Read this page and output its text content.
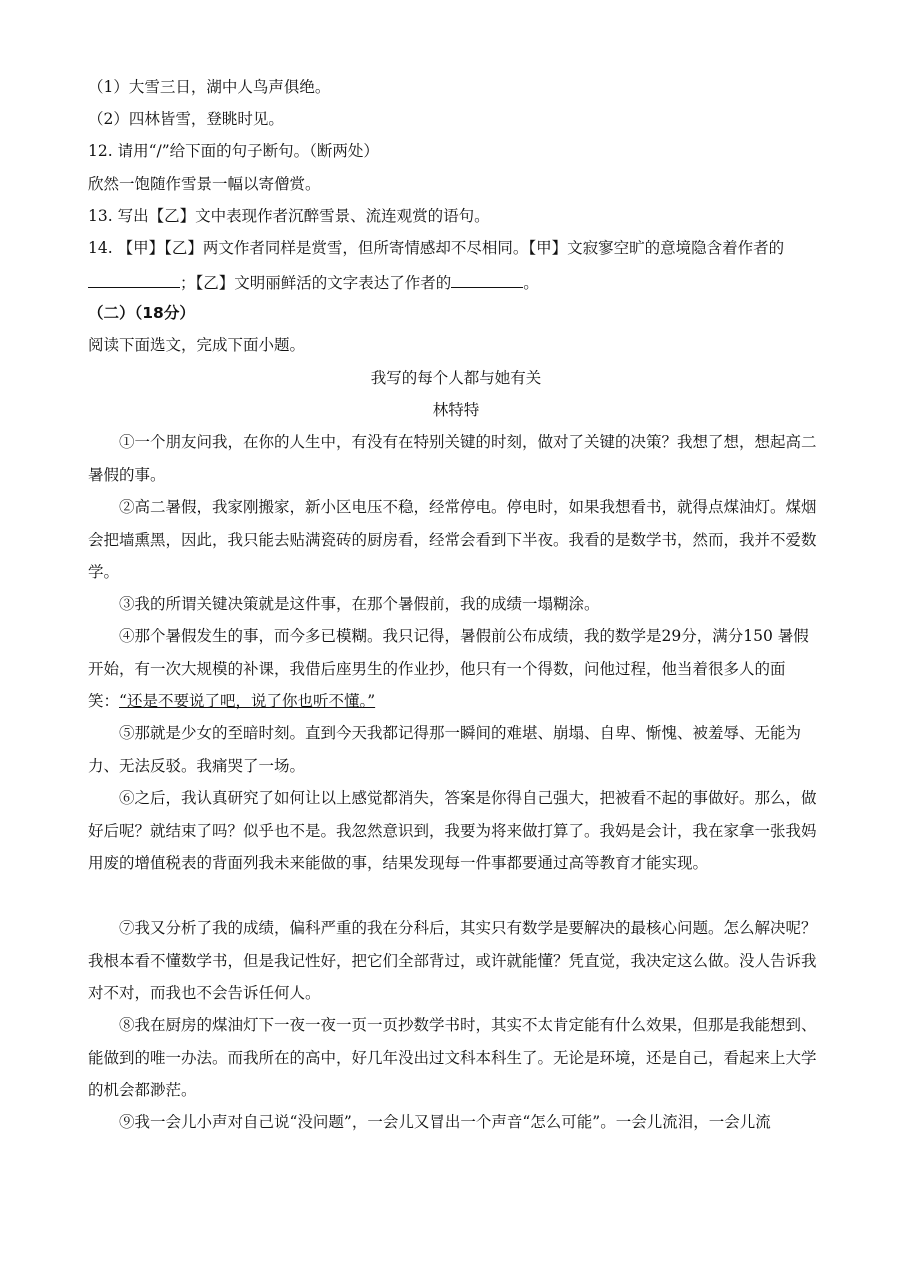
（1）大雪三日，湖中人鸟声俱绝。
（2）四林皆雪，登眺时见。
12. 请用“/”给下面的句子断句。（断两处）
欣然一饱随作雪景一幅以寄僧赏。
13. 写出【乙】文中表现作者沉醉雪景、流连观赏的语句。
14. 【甲】【乙】两文作者同样是赏雪，但所寄情感却不尽相同。【甲】文寂寥空旷的意境隐含着作者的
；【乙】文明丽鲜活的文字表达了作者的	。
（二）（18分）
阅读下面选文，完成下面小题。
我写的每个人都与她有关
林特特
①一个朋友问我，在你的人生中，有没有在特别关键的时刻，做对了关键的决策？我想了想，想起高二暑假的事。
②高二暑假，我家刚搬家，新小区电压不稳，经常停电。停电时，如果我想看书，就得点煤油灯。煤烟会把墙熏黑，因此，我只能去贴满瓷砖的厨房看，经常会看到下半夜。我看的是数学书，然而，我并不爱数学。
③我的所谓关键决策就是这件事，在那个暑假前，我的成绩一塌糊涂。
④那个暑假发生的事，而今多已模糊。我只记得，暑假前公布成绩，我的数学是29分，满分150 暑假开始，有一次大规模的补课，我借后座男生的作业抄，他只有一个得数，问他过程，他当着很多人的面笑：“还是不要说了吧，说了你也听不懂。”
⑤那就是少女的至暗时刻。直到今天我都记得那一瞬间的难堪、崩塌、自卑、惭愧、被羞辱、无能为力、无法反驳。我痛哭了一场。
⑥之后，我认真研究了如何让以上感觉都消失，答案是你得自己强大，把被看不起的事做好。那么，做好后呢？就结束了吗？似乎也不是。我忽然意识到，我要为将来做打算了。我妈是会计，我在家拿一张我妈用废的增值税表的背面列我未来能做的事，结果发现每一件事都要通过高等教育才能实现。
⑦我又分析了我的成绩，偏科严重的我在分科后，其实只有数学是要解决的最核心问题。怎么解决呢？我根本看不懂数学书，但是我记性好，把它们全部背过，或许就能懂？凭直觉，我决定这么做。没人告诉我对不对，而我也不会告诉任何人。
⑧我在厨房的煤油灯下一夜一夜一页一页抄数学书时，其实不太肯定能有什么效果，但那是我能想到、能做到的唯一办法。而我所在的高中，好几年没出过文科本科生了。无论是环境，还是自己，看起来上大学的机会都渺茫。
⑨我一会儿小声对自己说“没问题”，一会儿又冒出一个声音“怎么可能”。一会儿流泪，一会儿流
